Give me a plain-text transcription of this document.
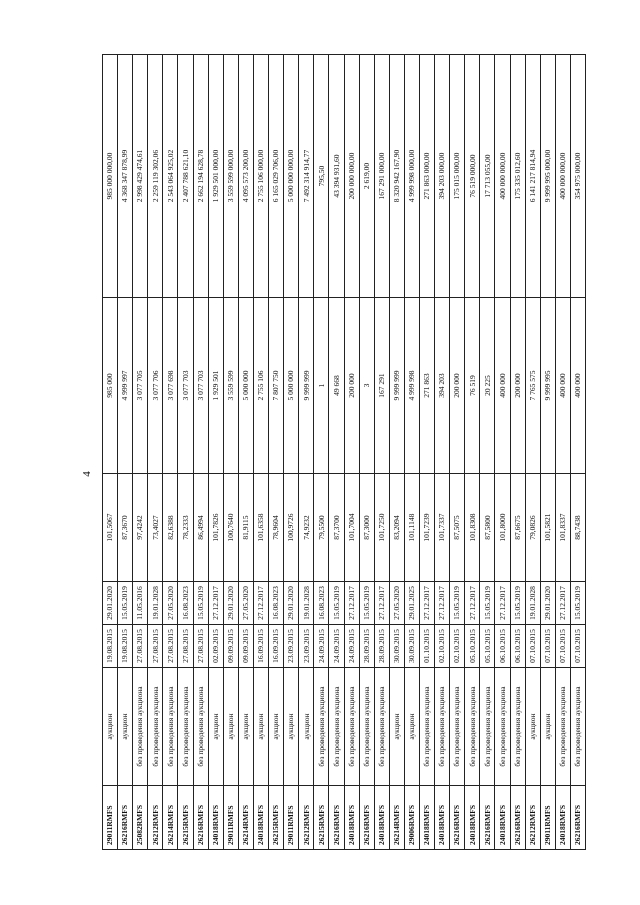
4
29011RMFS	аукцион	19.08.2015	29.01.2020	101,5067	985 000	985 000 000,00
26216RMFS	аукцион	19.08.2015	15.05.2019	87,3670	4 999 997	4 368 347 878,99
25082RMFS	без проведения аукциона	27.08.2015	11.05.2016	97,4242	3 077 705	2 998 429 474,61
26212RMFS	без проведения аукциона	27.08.2015	19.01.2028	73,4027	3 077 706	2 259 119 302,06
26214RMFS	без проведения аукциона	27.08.2015	27.05.2020	82,6388	3 077 698	2 543 064 925,02
26215RMFS	без проведения аукциона	27.08.2015	16.08.2023	78,2333	3 077 703	2 407 788 621,10
26216RMFS	без проведения аукциона	27.08.2015	15.05.2019	86,4994	3 077 703	2 662 194 628,78
24018RMFS	аукцион	02.09.2015	27.12.2017	101,7826	1 929 501	1 929 501 000,00
29011RMFS	аукцион	09.09.2015	29.01.2020	100,7640	3 559 599	3 559 599 000,00
26214RMFS	аукцион	09.09.2015	27.05.2020	81,9115	5 000 000	4 095 573 200,00
24018RMFS	аукцион	16.09.2015	27.12.2017	101,6358	2 755 106	2 755 106 000,00
26215RMFS	аукцион	16.09.2015	16.08.2023	78,9604	7 807 750	6 165 029 706,00
29011RMFS	аукцион	23.09.2015	29.01.2020	100,9726	5 000 000	5 000 000 000,00
26212RMFS	аукцион	23.09.2015	19.01.2028	74,9232	9 999 999	7 492 314 914,77
26215RMFS	без проведения аукциона	24.09.2015	16.08.2023	79,5500	1	795,50
26216RMFS	без проведения аукциона	24.09.2015	15.05.2019	87,3700	49 668	43 394 931,60
24018RMFS	без проведения аукциона	24.09.2015	27.12.2017	101,7004	200 000	200 000 000,00
26216RMFS	без проведения аукциона	28.09.2015	15.05.2019	87,3000	3	2 619,00
24018RMFS	без проведения аукциона	28.09.2015	27.12.2017	101,7250	167 291	167 291 000,00
26214RMFS	аукцион	30.09.2015	27.05.2020	83,2094	9 999 999	8 320 942 167,90
29006RMFS	аукцион	30.09.2015	29.01.2025	101,1148	4 999 998	4 999 998 000,00
24018RMFS	без проведения аукциона	01.10.2015	27.12.2017	101,7239	271 863	271 863 000,00
24018RMFS	без проведения аукциона	02.10.2015	27.12.2017	101,7337	394 203	394 203 000,00
26216RMFS	без проведения аукциона	02.10.2015	15.05.2019	87,5075	200 000	175 015 000,00
24018RMFS	без проведения аукциона	05.10.2015	27.12.2017	101,8308	76 519	76 519 000,00
26216RMFS	без проведения аукциона	05.10.2015	15.05.2019	87,5800	20 225	17 713 055,00
24018RMFS	без проведения аукциона	06.10.2015	27.12.2017	101,8000	400 000	400 000 000,00
26216RMFS	без проведения аукциона	06.10.2015	15.05.2019	87,6675	200 000	175 335 012,60
26212RMFS	аукцион	07.10.2015	19.01.2028	79,0826	7 765 575	6 141 217 814,94
29011RMFS	аукцион	07.10.2015	29.01.2020	101,5821	9 999 995	9 999 995 000,00
24018RMFS	без проведения аукциона	07.10.2015	27.12.2017	101,8337	400 000	400 000 000,00
26216RMFS	без проведения аукциона	07.10.2015	15.05.2019	88,7438	400 000	354 975 000,00
